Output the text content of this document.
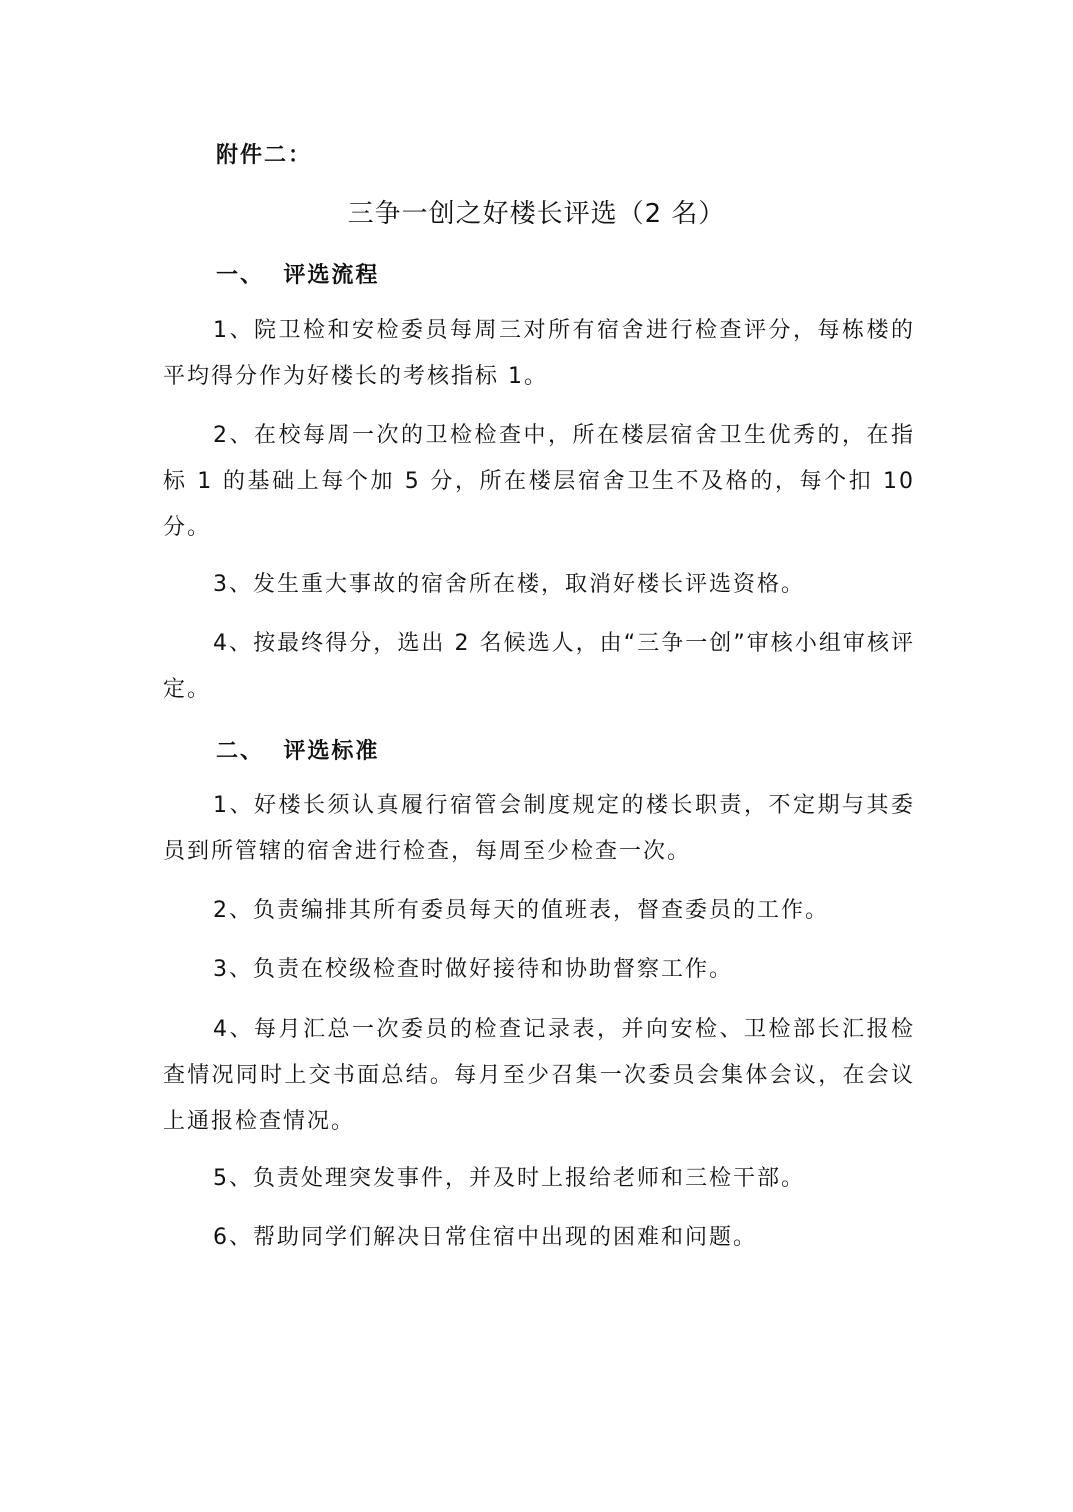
附件二：

三争一创之好楼长评选（2 名）
一、  评选流程

1、院卫检和安检委员每周三对所有宿舍进行检查评分，每栋楼的平均得分作为好楼长的考核指标 1。

2、在校每周一次的卫检检查中，所在楼层宿舍卫生优秀的，在指标 1 的基础上每个加 5 分，所在楼层宿舍卫生不及格的，每个扣 10 分。

3、发生重大事故的宿舍所在楼，取消好楼长评选资格。

4、按最终得分，选出 2 名候选人，由“三争一创”审核小组审核评定。

二、  评选标准

1、好楼长须认真履行宿管会制度规定的楼长职责，不定期与其委员到所管辖的宿舍进行检查，每周至少检查一次。

2、负责编排其所有委员每天的值班表，督查委员的工作。

3、负责在校级检查时做好接待和协助督察工作。

4、每月汇总一次委员的检查记录表，并向安检、卫检部长汇报检查情况同时上交书面总结。每月至少召集一次委员会集体会议，在会议上通报检查情况。

5、负责处理突发事件，并及时上报给老师和三检干部。

6、帮助同学们解决日常住宿中出现的困难和问题。
